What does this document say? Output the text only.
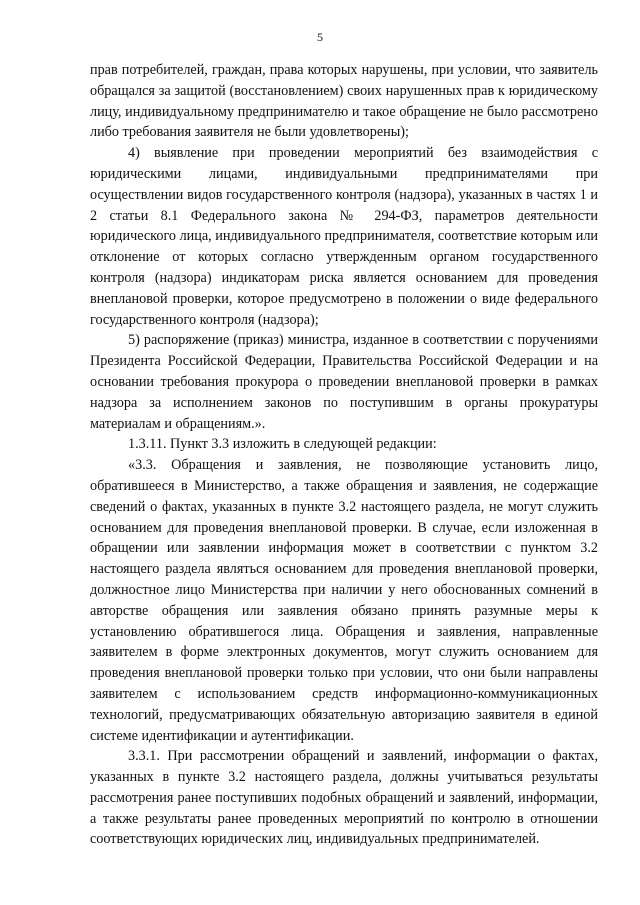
5

прав потребителей, граждан, права которых нарушены, при условии, что заявитель обращался за защитой (восстановлением) своих нарушенных прав к юридическому лицу, индивидуальному предпринимателю и такое обращение не было рассмотрено либо требования заявителя не были удовлетворены);

4) выявление при проведении мероприятий без взаимодействия с юридическими лицами, индивидуальными предпринимателями при осуществлении видов государственного контроля (надзора), указанных в частях 1 и 2 статьи 8.1 Федерального закона № 294-ФЗ, параметров деятельности юридического лица, индивидуального предпринимателя, соответствие которым или отклонение от которых согласно утвержденным органом государственного контроля (надзора) индикаторам риска является основанием для проведения внеплановой проверки, которое предусмотрено в положении о виде федерального государственного контроля (надзора);

5) распоряжение (приказ) министра, изданное в соответствии с поручениями Президента Российской Федерации, Правительства Российской Федерации и на основании требования прокурора о проведении внеплановой проверки в рамках надзора за исполнением законов по поступившим в органы прокуратуры материалам и обращениям.».

1.3.11. Пункт 3.3 изложить в следующей редакции:

«3.3. Обращения и заявления, не позволяющие установить лицо, обратившееся в Министерство, а также обращения и заявления, не содержащие сведений о фактах, указанных в пункте 3.2 настоящего раздела, не могут служить основанием для проведения внеплановой проверки. В случае, если изложенная в обращении или заявлении информация может в соответствии с пунктом 3.2 настоящего раздела являться основанием для проведения внеплановой проверки, должностное лицо Министерства при наличии у него обоснованных сомнений в авторстве обращения или заявления обязано принять разумные меры к установлению обратившегося лица. Обращения и заявления, направленные заявителем в форме электронных документов, могут служить основанием для проведения внеплановой проверки только при условии, что они были направлены заявителем с использованием средств информационно-коммуникационных технологий, предусматривающих обязательную авторизацию заявителя в единой системе идентификации и аутентификации.

3.3.1. При рассмотрении обращений и заявлений, информации о фактах, указанных в пункте 3.2 настоящего раздела, должны учитываться результаты рассмотрения ранее поступивших подобных обращений и заявлений, информации, а также результаты ранее проведенных мероприятий по контролю в отношении соответствующих юридических лиц, индивидуальных предпринимателей.
